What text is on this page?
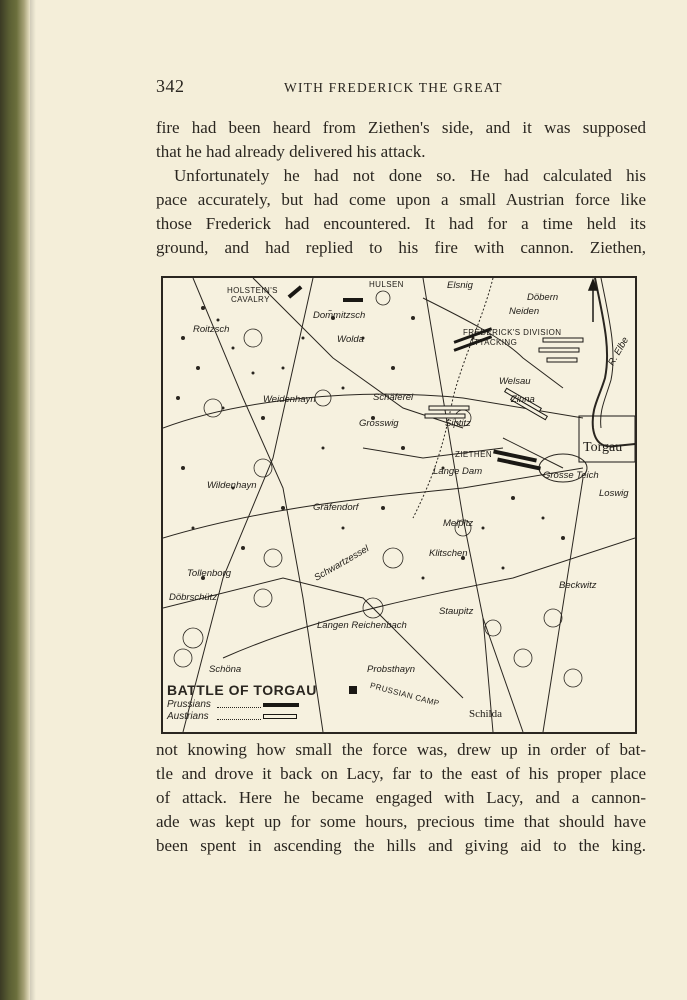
342	WITH FREDERICK THE GREAT
fire had been heard from Ziethen's side, and it was supposed
that he had already delivered his attack.
Unfortunately he had not done so. He had calculated his
pace accurately, but had come upon a small Austrian force like
those Frederick had encountered. It had for a time held its
ground, and had replied to his fire with cannon. Ziethen,
HOLSTEIN'S
CAVALRY
HULSEN	Elsnig
Döbern
Neiden
Roitzsch
Dom̃mitzsch
Wolda
FREDERICK'S DIVISION
ATTACKING
Weidenhayn	Schäferei
Grosswig	Siptitz
ZIETHEN
Welsau
Zinna
R. Elbe
Torgau
Grosse Teich
Loswig
Lange Dam
Wildenhayn
Gräfendorf
Melpitz
Klitschen
Schwartzessel
Tollenborg
Döbrschütz
Staupitz
Beckwitz
Langen Reichenbach
Schöna	Probsthayn
PRUSSIAN CAMP
Schilda
BATTLE OF TORGAU
Prussians
Austrians
not knowing how small the force was, drew up in order of bat-
tle and drove it back on Lacy, far to the east of his proper place
of attack. Here he became engaged with Lacy, and a cannon-
ade was kept up for some hours, precious time that should have
been spent in ascending the hills and giving aid to the king.
